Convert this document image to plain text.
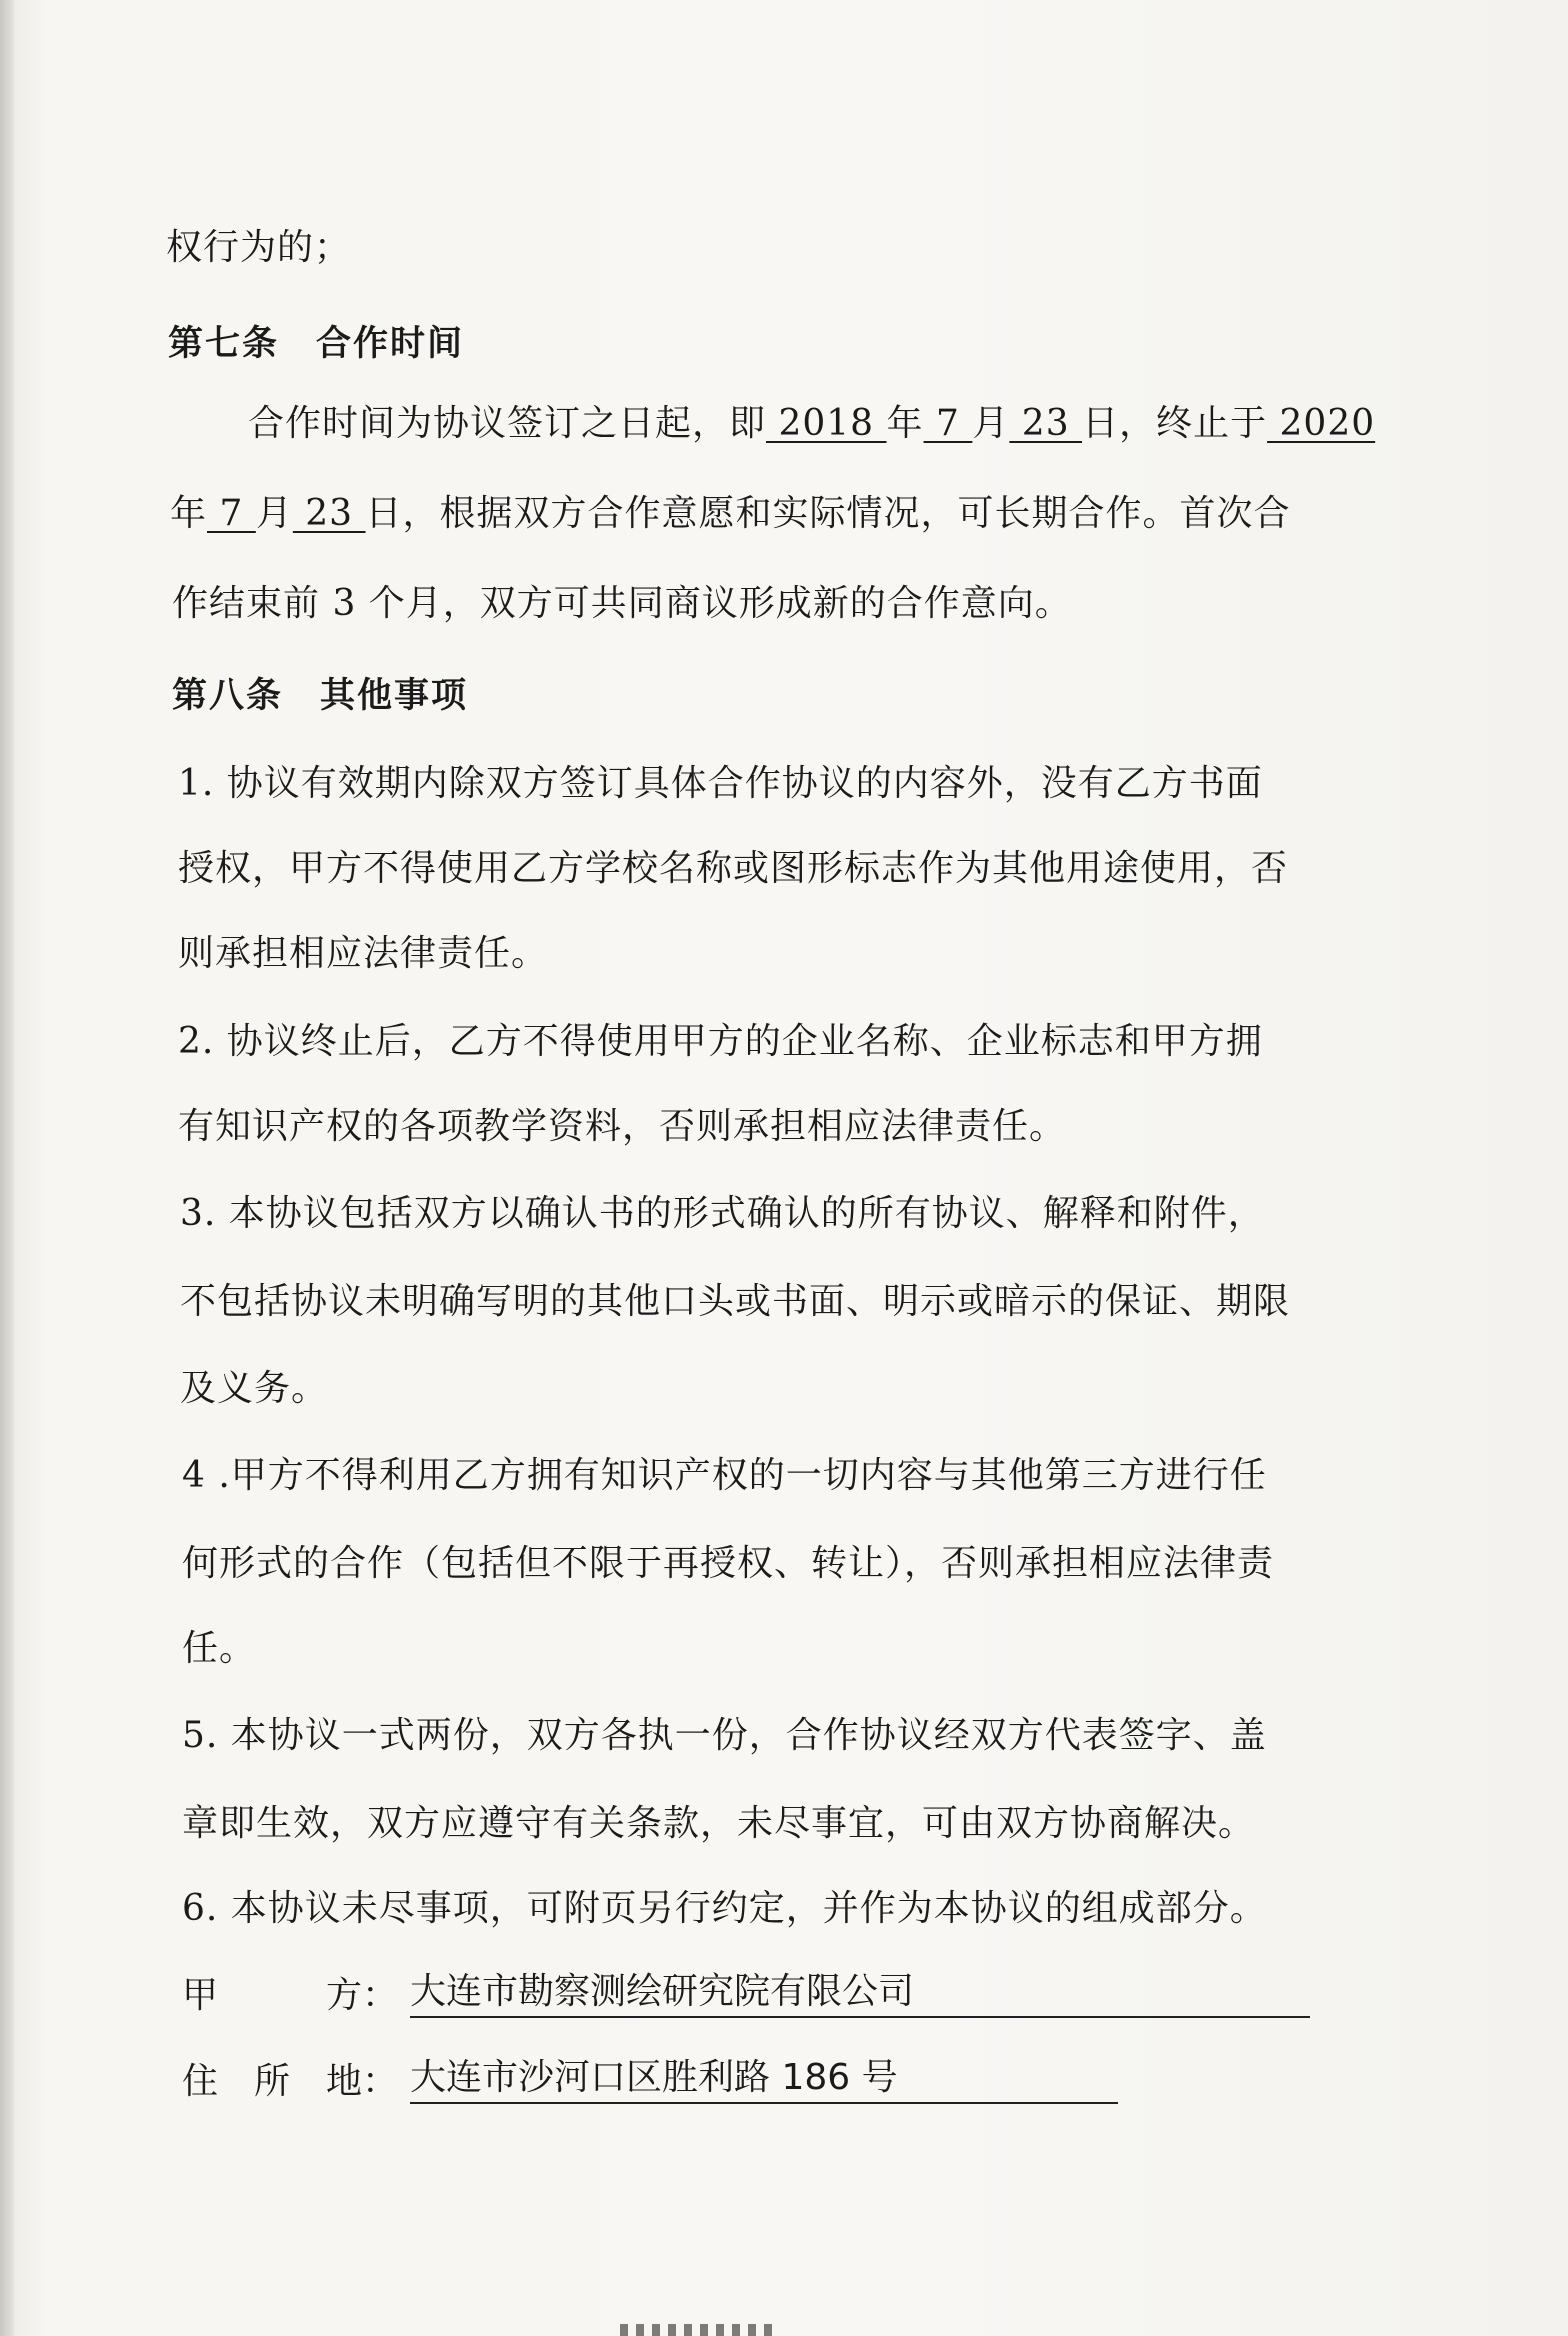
权行为的；
第七条　合作时间
合作时间为协议签订之日起，即 2018 年 7 月 23 日，终止于 2020
年 7 月 23 日，根据双方合作意愿和实际情况，可长期合作。首次合
作结束前 3 个月，双方可共同商议形成新的合作意向。
第八条　其他事项
1. 协议有效期内除双方签订具体合作协议的内容外，没有乙方书面
授权，甲方不得使用乙方学校名称或图形标志作为其他用途使用，否
则承担相应法律责任。
2. 协议终止后，乙方不得使用甲方的企业名称、企业标志和甲方拥
有知识产权的各项教学资料，否则承担相应法律责任。
3. 本协议包括双方以确认书的形式确认的所有协议、解释和附件，
不包括协议未明确写明的其他口头或书面、明示或暗示的保证、期限
及义务。
4 .甲方不得利用乙方拥有知识产权的一切内容与其他第三方进行任
何形式的合作（包括但不限于再授权、转让），否则承担相应法律责
任。
5. 本协议一式两份，双方各执一份，合作协议经双方代表签字、盖
章即生效，双方应遵守有关条款，未尽事宜，可由双方协商解决。
6. 本协议未尽事项，可附页另行约定，并作为本协议的组成部分。
甲　　　方： 大连市勘察测绘研究院有限公司
住　所　地： 大连市沙河口区胜利路 186 号
